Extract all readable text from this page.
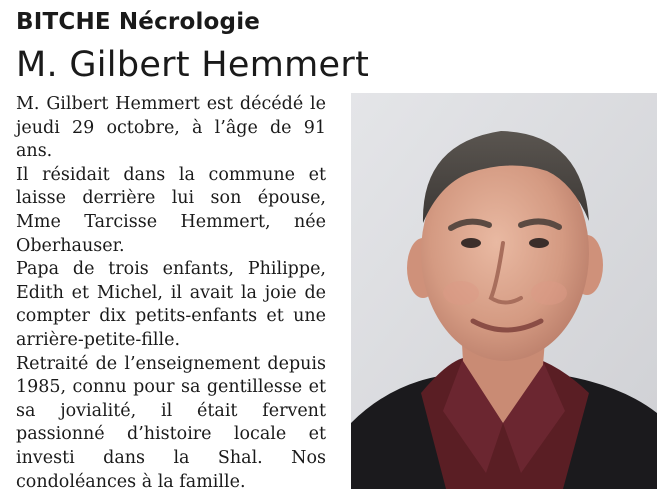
BITCHE Nécrologie
M. Gilbert Hemmert

M. Gilbert Hemmert est décédé le jeudi 29 octobre, à l’âge de 91 ans.

Il résidait dans la commune et laisse derrière lui son épouse, Mme Tarcisse Hemmert, née Oberhauser.

Papa de trois enfants, Philippe, Edith et Michel, il avait la joie de compter dix petits-enfants et une arrière-petite-fille.

Retraité de l’enseignement depuis 1985, connu pour sa gentillesse et sa jovialité, il était fervent passionné d’histoire locale et investi dans la Shal. Nos condoléances à la famille.
